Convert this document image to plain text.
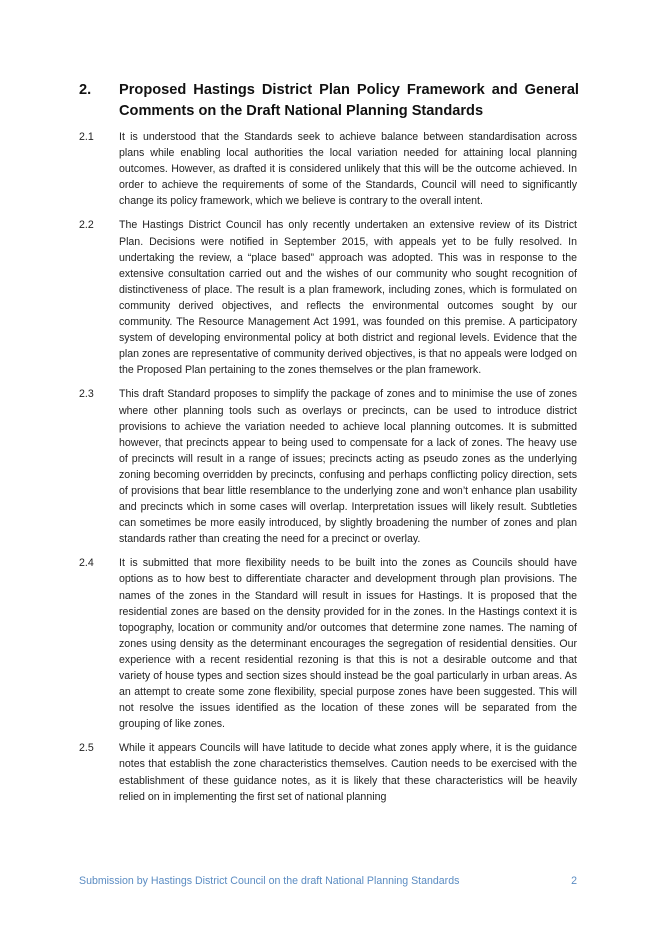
2.	Proposed Hastings District Plan Policy Framework and General Comments on the Draft National Planning Standards
2.1	It is understood that the Standards seek to achieve balance between standardisation across plans while enabling local authorities the local variation needed for attaining local planning outcomes. However, as drafted it is considered unlikely that this will be the outcome achieved. In order to achieve the requirements of some of the Standards, Council will need to significantly change its policy framework, which we believe is contrary to the overall intent.
2.2	The Hastings District Council has only recently undertaken an extensive review of its District Plan. Decisions were notified in September 2015, with appeals yet to be fully resolved. In undertaking the review, a “place based” approach was adopted. This was in response to the extensive consultation carried out and the wishes of our community who sought recognition of distinctiveness of place. The result is a plan framework, including zones, which is formulated on community derived objectives, and reflects the environmental outcomes sought by our community. The Resource Management Act 1991, was founded on this premise. A participatory system of developing environmental policy at both district and regional levels. Evidence that the plan zones are representative of community derived objectives, is that no appeals were lodged on the Proposed Plan pertaining to the zones themselves or the plan framework.
2.3	This draft Standard proposes to simplify the package of zones and to minimise the use of zones where other planning tools such as overlays or precincts, can be used to introduce district provisions to achieve the variation needed to achieve local planning outcomes. It is submitted however, that precincts appear to being used to compensate for a lack of zones. The heavy use of precincts will result in a range of issues; precincts acting as pseudo zones as the underlying zoning becoming overridden by precincts, confusing and perhaps conflicting policy direction, sets of provisions that bear little resemblance to the underlying zone and won’t enhance plan usability and precincts which in some cases will overlap. Interpretation issues will likely result. Subtleties can sometimes be more easily introduced, by slightly broadening the number of zones and plan standards rather than creating the need for a precinct or overlay.
2.4	It is submitted that more flexibility needs to be built into the zones as Councils should have options as to how best to differentiate character and development through plan provisions. The names of the zones in the Standard will result in issues for Hastings. It is proposed that the residential zones are based on the density provided for in the zones. In the Hastings context it is topography, location or community and/or outcomes that determine zone names. The naming of zones using density as the determinant encourages the segregation of residential densities. Our experience with a recent residential rezoning is that this is not a desirable outcome and that variety of house types and section sizes should instead be the goal particularly in urban areas. As an attempt to create some zone flexibility, special purpose zones have been suggested. This will not resolve the issues identified as the location of these zones will be separated from the grouping of like zones.
2.5	While it appears Councils will have latitude to decide what zones apply where, it is the guidance notes that establish the zone characteristics themselves. Caution needs to be exercised with the establishment of these guidance notes, as it is likely that these characteristics will be heavily relied on in implementing the first set of national planning
Submission by Hastings District Council on the draft National Planning Standards	2
